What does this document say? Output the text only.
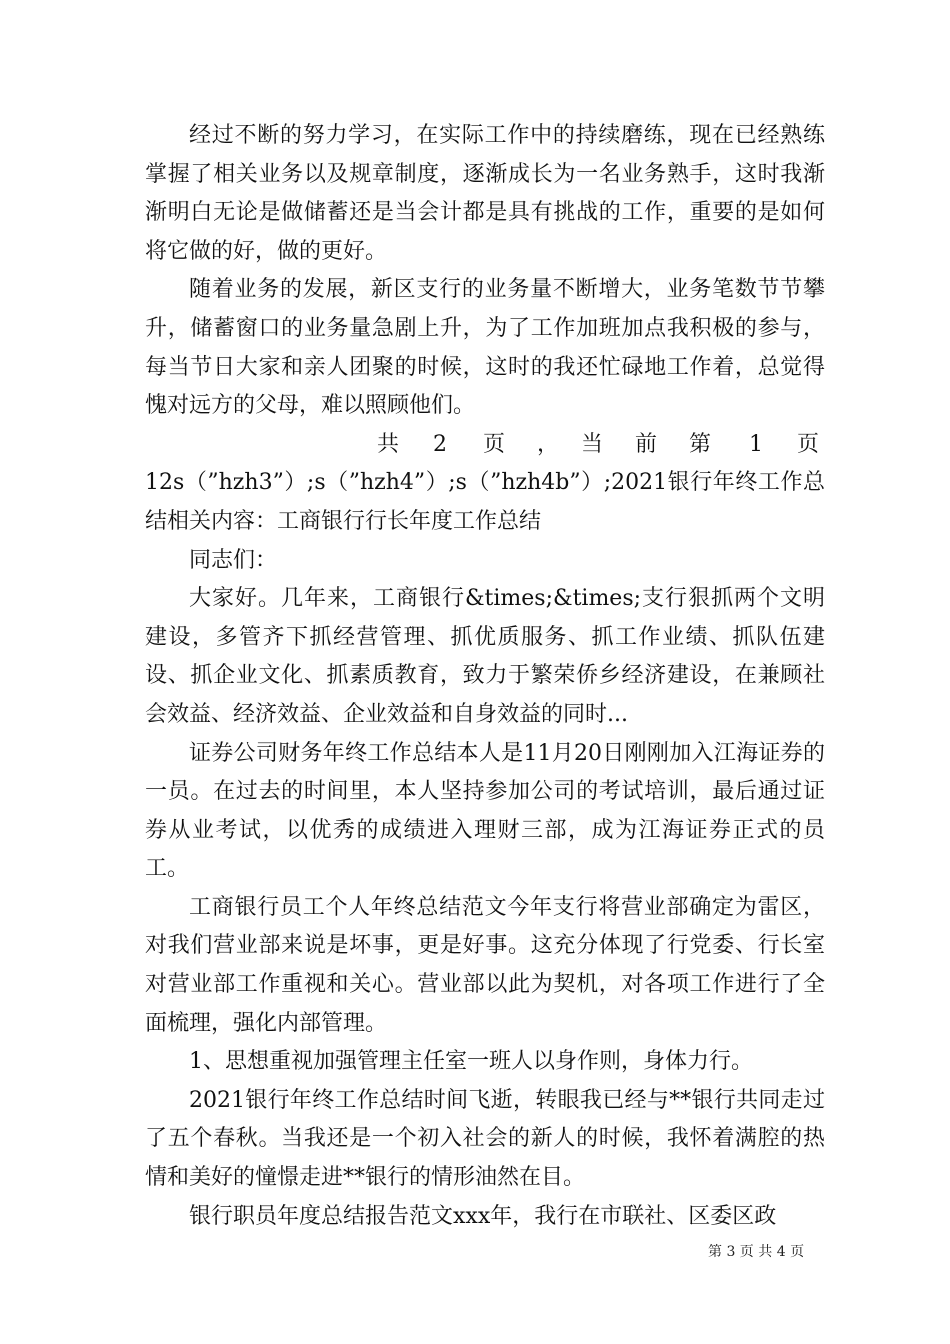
经过不断的努力学习，在实际工作中的持续磨练，现在已经熟练掌握了相关业务以及规章制度，逐渐成长为一名业务熟手，这时我渐渐明白无论是做储蓄还是当会计都是具有挑战的工作，重要的是如何将它做的好，做的更好。

随着业务的发展，新区支行的业务量不断增大，业务笔数节节攀升，储蓄窗口的业务量急剧上升，为了工作加班加点我积极的参与，每当节日大家和亲人团聚的时候，这时的我还忙碌地工作着，总觉得愧对远方的父母，难以照顾他们。

共 2 页 ， 当 前 第 1 页

12s（”hzh3”）;s（”hzh4”）;s（”hzh4b”）;2021银行年终工作总结相关内容：工商银行行长年度工作总结

同志们：

大家好。几年来，工商银行&times;&times;支行狠抓两个文明建设，多管齐下抓经营管理、抓优质服务、抓工作业绩、抓队伍建设、抓企业文化、抓素质教育，致力于繁荣侨乡经济建设，在兼顾社会效益、经济效益、企业效益和自身效益的同时...

证券公司财务年终工作总结本人是11月20日刚刚加入江海证券的一员。在过去的时间里，本人坚持参加公司的考试培训，最后通过证券从业考试，以优秀的成绩进入理财三部，成为江海证券正式的员工。

工商银行员工个人年终总结范文今年支行将营业部确定为雷区，对我们营业部来说是坏事，更是好事。这充分体现了行党委、行长室对营业部工作重视和关心。营业部以此为契机，对各项工作进行了全面梳理，强化内部管理。

1、思想重视加强管理主任室一班人以身作则，身体力行。

2021银行年终工作总结时间飞逝，转眼我已经与**银行共同走过了五个春秋。当我还是一个初入社会的新人的时候，我怀着满腔的热情和美好的憧憬走进**银行的情形油然在目。

银行职员年度总结报告范文xxx年，我行在市联社、区委区政

第 3 页 共 4 页
